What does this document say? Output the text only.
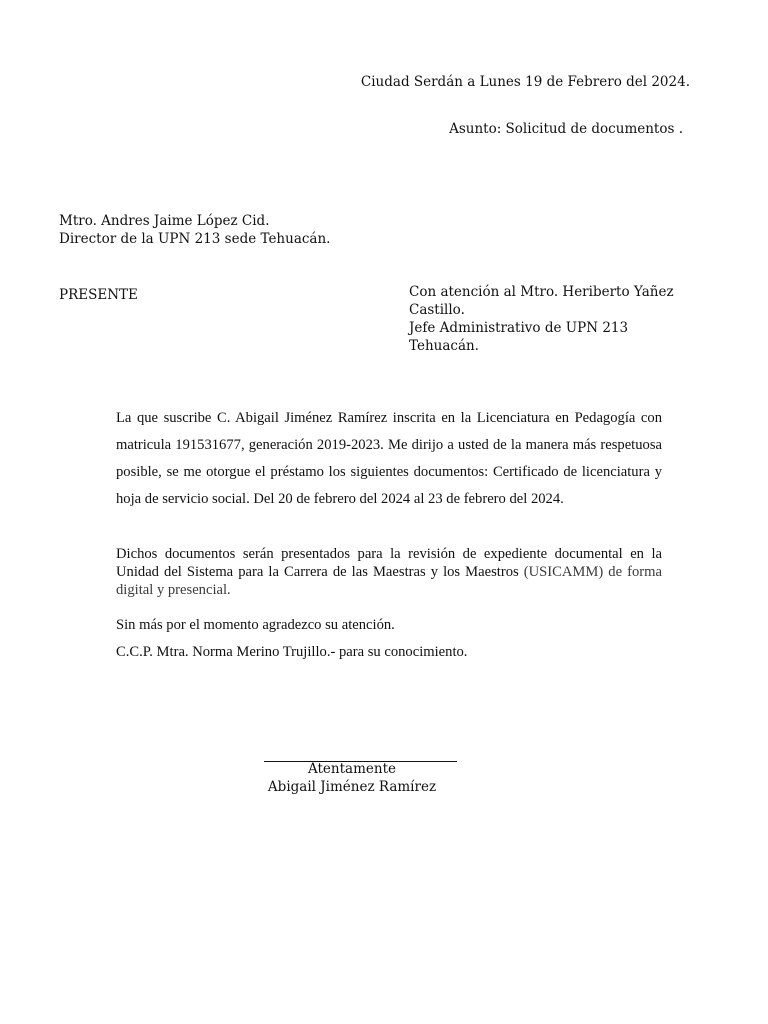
Ciudad Serdán a Lunes 19 de Febrero del 2024.
Asunto: Solicitud de documentos .
Mtro. Andres Jaime López Cid.
Director de la UPN 213 sede Tehuacán.
PRESENTE	Con atención al Mtro. Heriberto Yañez
Castillo.
Jefe Administrativo de UPN 213 Tehuacán.
La que suscribe C. Abigail Jiménez Ramírez inscrita en la Licenciatura en Pedagogía con matricula 191531677, generación 2019-2023. Me dirijo a usted de la manera más respetuosa posible, se me otorgue el préstamo los siguientes documentos: Certificado de licenciatura y hoja de servicio social. Del 20 de febrero del 2024 al 23 de febrero del 2024.
Dichos documentos serán presentados para la revisión de expediente documental en la Unidad del Sistema para la Carrera de las Maestras y los Maestros (USICAMM) de forma digital y presencial.
Sin más por el momento agradezco su atención.
C.C.P. Mtra. Norma Merino Trujillo.- para su conocimiento.
Atentamente
Abigail Jiménez Ramírez
